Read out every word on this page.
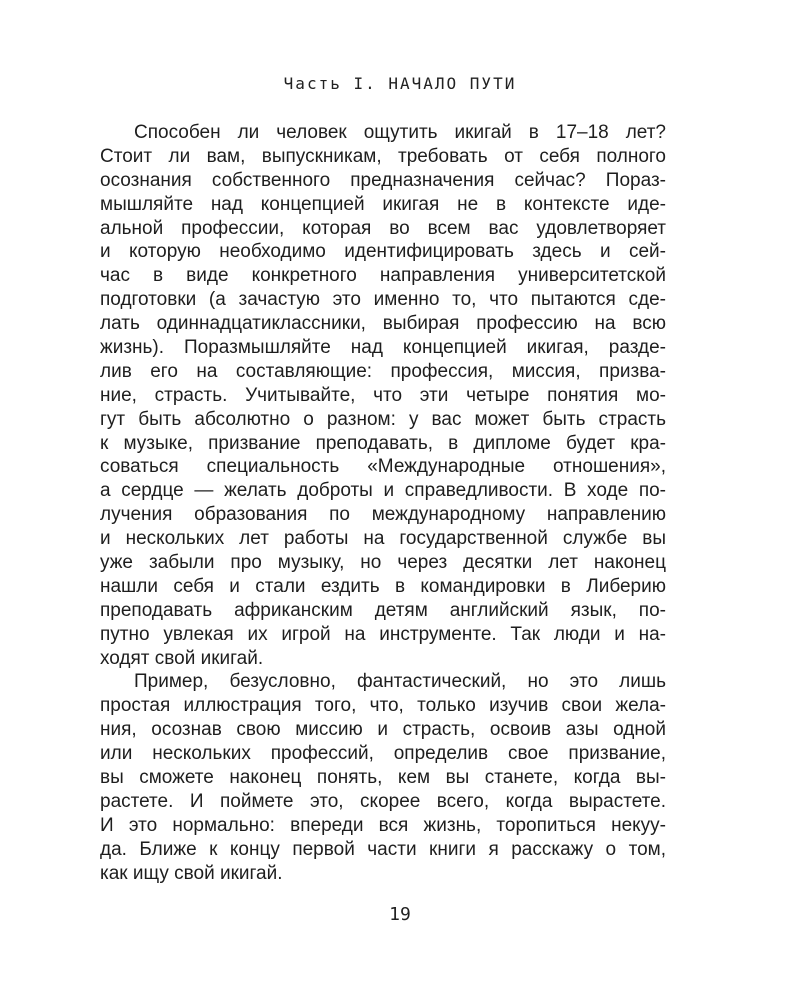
Часть I. НАЧАЛО ПУТИ
Способен ли человек ощутить икигай в 17–18 лет?
Стоит ли вам, выпускникам, требовать от себя полного
осознания собственного предназначения сейчас? Пораз-
мышляйте над концепцией икигая не в контексте иде-
альной профессии, которая во всем вас удовлетворяет
и которую необходимо идентифицировать здесь и сей-
час в виде конкретного направления университетской
подготовки (а зачастую это именно то, что пытаются сде-
лать одиннадцатиклассники, выбирая профессию на всю
жизнь). Поразмышляйте над концепцией икигая, разде-
лив его на составляющие: профессия, миссия, призва-
ние, страсть. Учитывайте, что эти четыре понятия мо-
гут быть абсолютно о разном: у вас может быть страсть
к музыке, призвание преподавать, в дипломе будет кра-
соваться специальность «Международные отношения»,
а сердце — желать доброты и справедливости. В ходе по-
лучения образования по международному направлению
и нескольких лет работы на государственной службе вы
уже забыли про музыку, но через десятки лет наконец
нашли себя и стали ездить в командировки в Либерию
преподавать африканским детям английский язык, по-
путно увлекая их игрой на инструменте. Так люди и на-
ходят свой икигай.
Пример, безусловно, фантастический, но это лишь
простая иллюстрация того, что, только изучив свои жела-
ния, осознав свою миссию и страсть, освоив азы одной
или нескольких профессий, определив свое призвание,
вы сможете наконец понять, кем вы станете, когда вы-
растете. И поймете это, скорее всего, когда вырастете.
И это нормально: впереди вся жизнь, торопиться некуу-
да. Ближе к концу первой части книги я расскажу о том,
как ищу свой икигай.
19
